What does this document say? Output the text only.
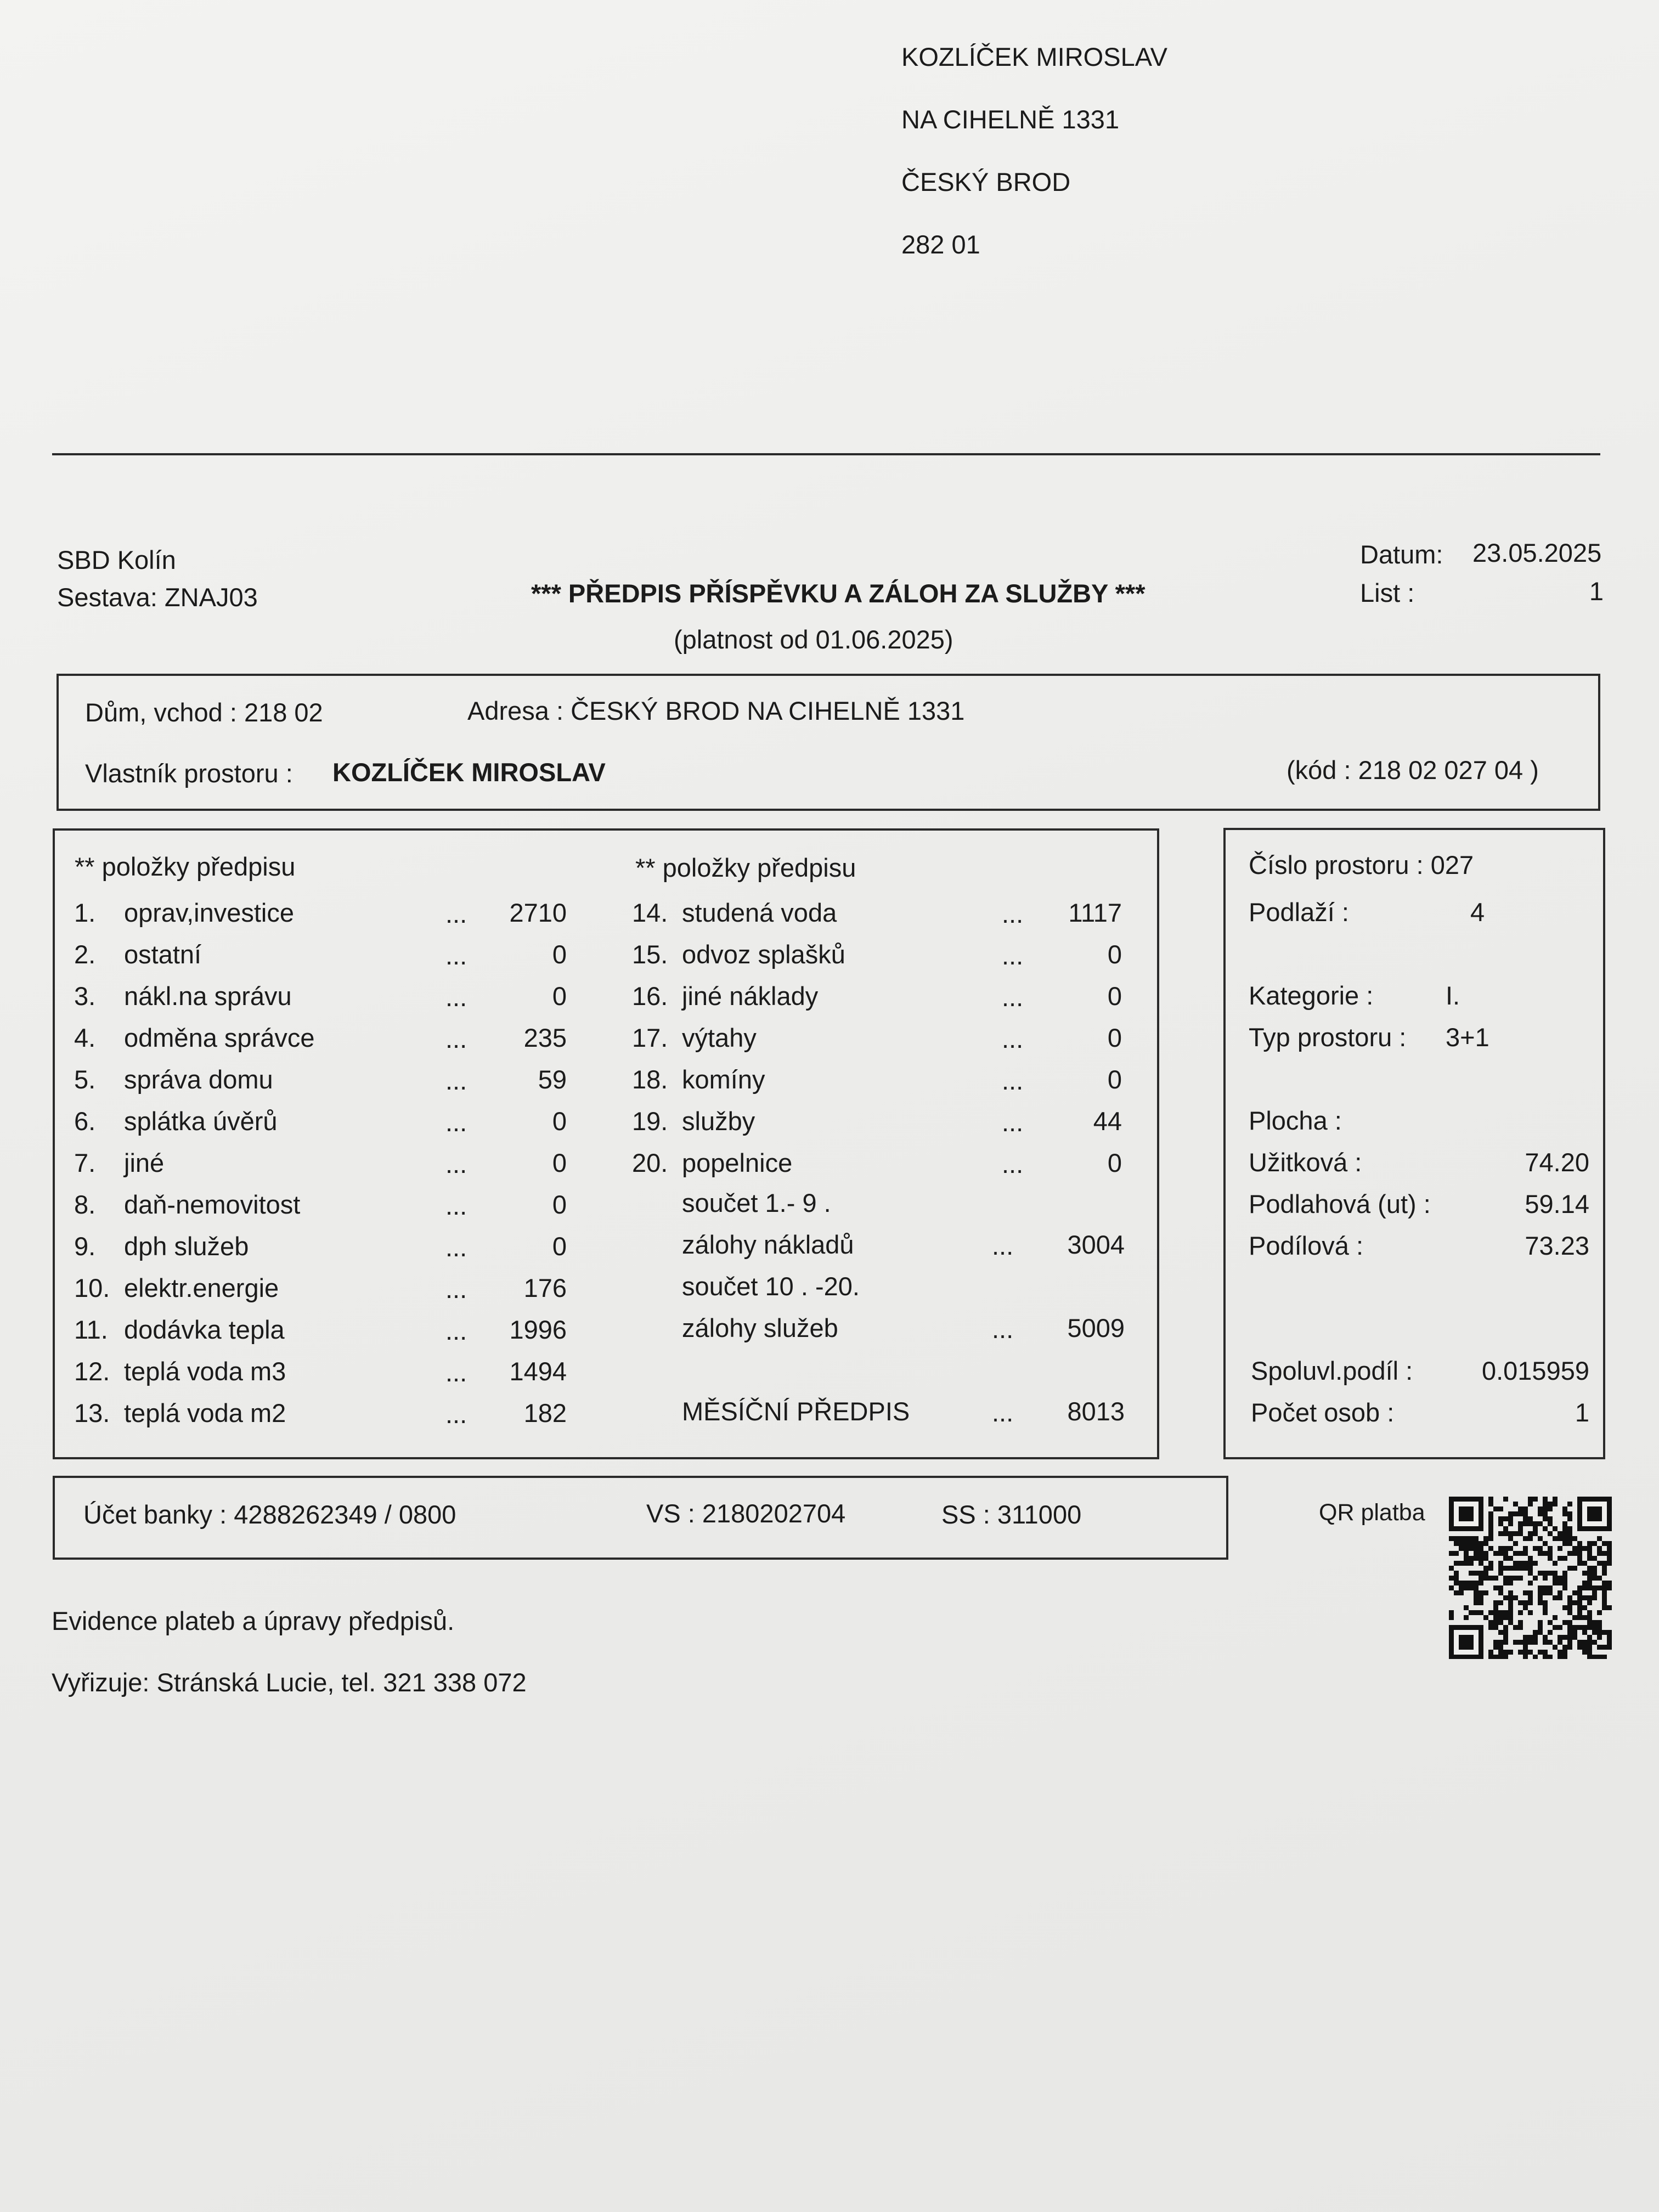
KOZLÍČEK MIROSLAV
NA CIHELNĚ 1331
ČESKÝ BROD
282 01
SBD Kolín
Sestava: ZNAJ03	*** PŘEDPIS PŘÍSPĚVKU A ZÁLOH ZA SLUŽBY ***
(platnost od 01.06.2025)
Datum: 23.05.2025
List :	1
Dům, vchod : 218 02	Adresa : ČESKÝ BROD NA CIHELNĚ 1331
Vlastník prostoru : KOZLÍČEK MIROSLAV	(kód : 218 02 027 04 )
** položky předpisu	** položky předpisu
1. oprav,investice	...	2710
2. ostatní	...	0
3. nákl.na správu	...	0
4. odměna správce	...	235
5. správa domu	...	59
6. splátka úvěrů	...	0
7. jiné	...	0
8. daň-nemovitost	...	0
9. dph služeb	...	0
10. elektr.energie	...	176
11. dodávka tepla	...	1996
12. teplá voda m3	...	1494
13. teplá voda m2	...	182
14. studená voda	...	1117
15. odvoz splašků	...	0
16. jiné náklady	...	0
17. výtahy	...	0
18. komíny	...	0
19. služby	...	44
20. popelnice	...	0
součet 1.- 9 .
zálohy nákladů	...	3004
součet 10 . -20.
zálohy služeb	...	5009
MĚSÍČNÍ PŘEDPIS	...	8013
Číslo prostoru : 027
Podlaží :	4
Kategorie :	I.
Typ prostoru : 3+1
Plocha :
Užitková :	74.20
Podlahová (ut) :	59.14
Podílová :	73.23
Spoluvl.podíl :	0.015959
Počet osob :	1
Účet banky : 4288262349 / 0800	VS : 2180202704	SS : 311000	QR platba
Evidence plateb a úpravy předpisů.
Vyřizuje: Stránská Lucie, tel. 321 338 072
